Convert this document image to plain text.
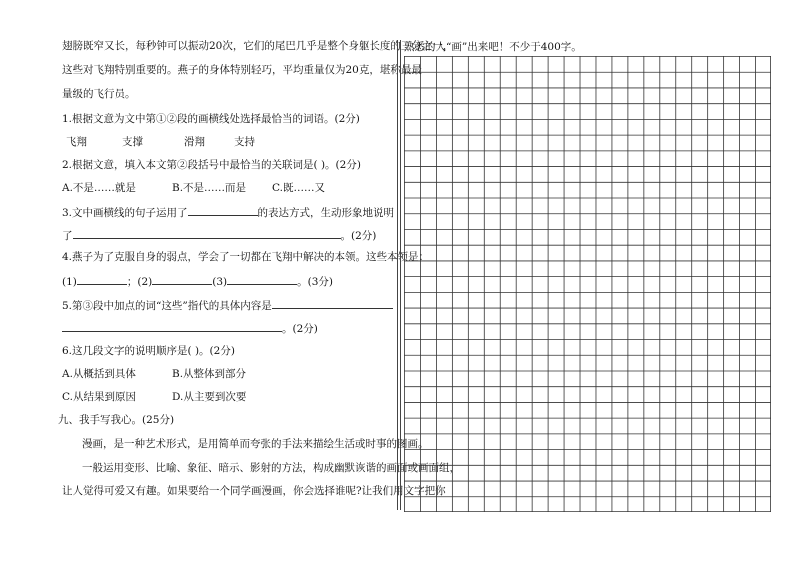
翅膀既窄又长，每秒钟可以振动20次，它们的尾巴几乎是整个身躯长度的三分之一，
这些对飞翔特别重要的。燕子的身体特别轻巧，平均重量仅为20克，堪称最最
量级的飞行员。
1.根据文意为文中第①②段的画横线处选择最恰当的词语。(2分)
飞翔	支撑	滑翔	支持
2.根据文意，填入本文第②段括号中最恰当的关联词是( )。(2分)
A.不是……就是	B.不是……而是 C.既……又
3.文中画横线的句子运用了	的表达方式，生动形象地说明
了	。(2分)
4.燕子为了克服自身的弱点，学会了一切都在飞翔中解决的本领。这些本领是：
(1)	；(2)	(3)	。(3分)
5.第③段中加点的词“这些”指代的具体内容是
。(2分)
6.这几段文字的说明顺序是( )。(2分)
A.从概括到具体	B.从整体到部分
C.从结果到原因	D.从主要到次要
九、我手写我心。(25分)
漫画，是一种艺术形式，是用简单而夸张的手法来描绘生活或时事的图画。
一般运用变形、比喻、象征、暗示、影射的方法，构成幽默诙谐的画面或画面组，
让人觉得可爱又有趣。如果要给一个同学画漫画，你会选择谁呢?让我们用文字把你
熟悉的人“画”出来吧！不少于400字。
